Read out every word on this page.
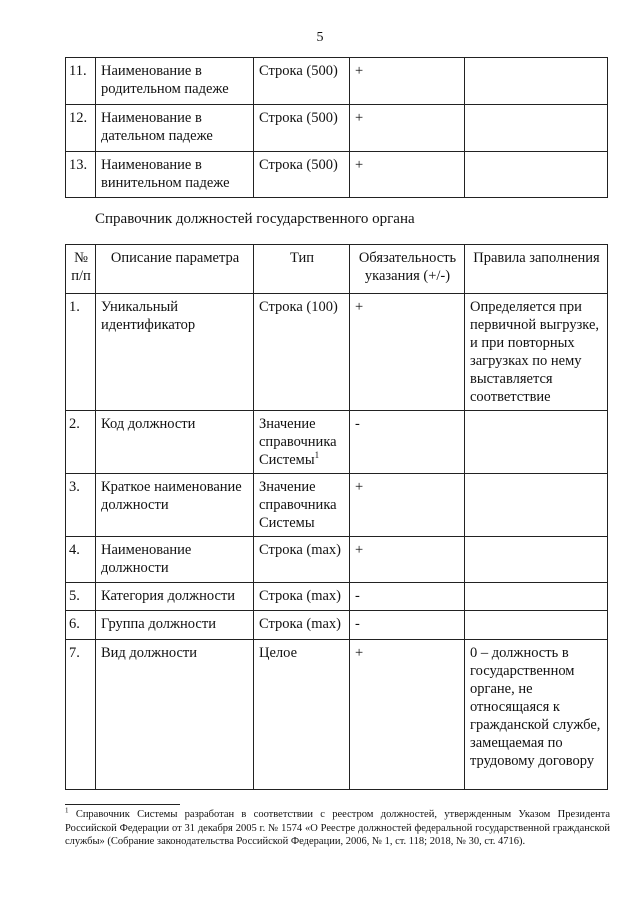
5
11.	Наименование в родительном падеже	Строка (500)	+	
12.	Наименование в дательном падеже	Строка (500)	+	
13.	Наименование в винительном падеже	Строка (500)	+	
Справочник должностей государственного органа
№ п/п	Описание параметра	Тип	Обязательность указания (+/-)	Правила заполнения
1.	Уникальный идентификатор	Строка (100)	+	Определяется при первичной выгрузке, и при повторных загрузках по нему выставляется соответствие
2.	Код должности	Значение справочника Системы$^1$	-	
3.	Краткое наименование должности	Значение справочника Системы	+	
4.	Наименование должности	Строка (max)	+	
5.	Категория должности	Строка (max)	-	
6.	Группа должности	Строка (max)	-	
7.	Вид должности	Целое	+	0 – должность в государственном органе, не относящаяся к гражданской службе, замещаемая по трудовому договору
$^1$ Справочник Системы разработан в соответствии с реестром должностей, утвержденным Указом Президента Российской Федерации от 31 декабря 2005 г. № 1574 «О Реестре должностей федеральной государственной гражданской службы» (Собрание законодательства Российской Федерации, 2006, № 1, ст. 118; 2018, № 30, ст. 4716).
